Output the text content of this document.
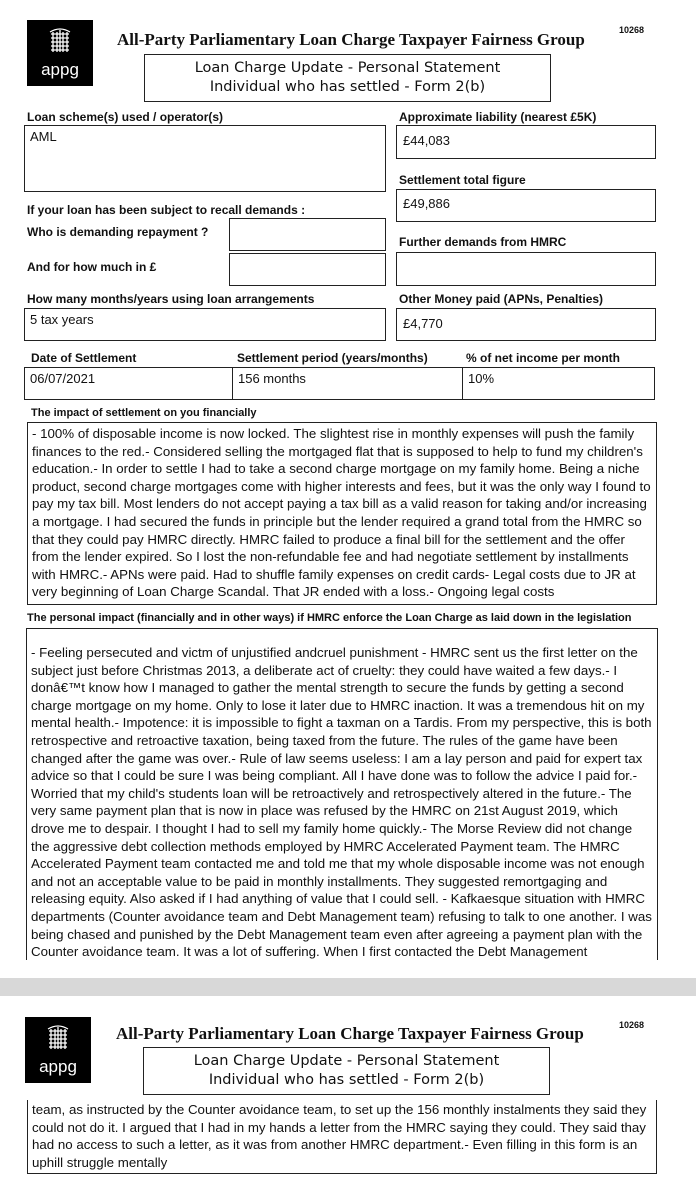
appg
All-Party Parliamentary Loan Charge Taxpayer Fairness Group	10268
Loan Charge Update - Personal Statement
Individual who has settled - Form 2(b)
Loan scheme(s) used / operator(s)
AML
Approximate liability (nearest £5K)
£44,083
Settlement total figure
£49,886
If your loan has been subject to recall demands :
Who is demanding repayment ?
And for how much in £
Further demands from HMRC
How many months/years using loan arrangements
5 tax years
Other Money paid (APNs, Penalties)
£4,770
Date of Settlement	Settlement period (years/months)	% of net income per month
06/07/2021	156 months	10%
The impact of settlement on you financially

- 100% of disposable income is now locked. The slightest rise in monthly expenses will push the family finances to the red.- Considered selling the mortgaged flat that is supposed to help to fund my children's education.- In order to settle I had to take a second charge mortgage on my family home. Being a niche product, second charge mortgages come with higher interests and fees, but it was the only way I found to pay my tax bill. Most lenders do not accept paying a tax bill as a valid reason for taking and/or increasing a mortgage. I had secured the funds in principle but the lender required a grand total from the HMRC so that they could pay HMRC directly. HMRC failed to produce a final bill for the settlement and the offer from the lender expired. So I lost the non-refundable fee and had negotiate settlement by installments with HMRC.- APNs were paid. Had to shuffle family expenses on credit cards- Legal costs due to JR at very beginning of Loan Charge Scandal. That JR ended with a loss.- Ongoing legal costs

The personal impact (financially and in other ways) if HMRC enforce the Loan Charge as laid down in the legislation

- Feeling persecuted and victm of unjustified andcruel punishment - HMRC sent us the first letter on the subject just before Christmas 2013, a deliberate act of cruelty: they could have waited a few days.- I donâ€™t know how I managed to gather the mental strength to secure the funds by getting a second charge mortgage on my home. Only to lose it later due to HMRC inaction. It was a tremendous hit on my mental health.- Impotence: it is impossible to fight a taxman on a Tardis. From my perspective, this is both retrospective and retroactive taxation, being taxed from the future. The rules of the game have been changed after the game was over.- Rule of law seems useless: I am a lay person and paid for expert tax advice so that I could be sure I was being compliant. All I have done was to follow the advice I paid for.- Worried that my child's students loan will be retroactively and retrospectively altered in the future.- The very same payment plan that is now in place was refused by the HMRC on 21st August 2019, which drove me to despair. I thought I had to sell my family home quickly.- The Morse Review did not change the aggressive debt collection methods employed by HMRC Accelerated Payment team. The HMRC Accelerated Payment team contacted me and told me that my whole disposable income was not enough and not an acceptable value to be paid in monthly installments. They suggested remortgaging and releasing equity. Also asked if I had anything of value that I could sell. - Kafkaesque situation with HMRC departments (Counter avoidance team and Debt Management team) refusing to talk to one another. I was being chased and punished by the Debt Management team even after agreeing a payment plan with the Counter avoidance team. It was a lot of suffering. When I first contacted the Debt Management

appg
All-Party Parliamentary Loan Charge Taxpayer Fairness Group	10268
Loan Charge Update - Personal Statement
Individual who has settled - Form 2(b)

team, as instructed by the Counter avoidance team, to set up the 156 monthly instalments they said they could not do it. I argued that I had in my hands a letter from the HMRC saying they could. They said thay had no access to such a letter, as it was from another HMRC department.- Even filling in this form is an uphill struggle mentally
